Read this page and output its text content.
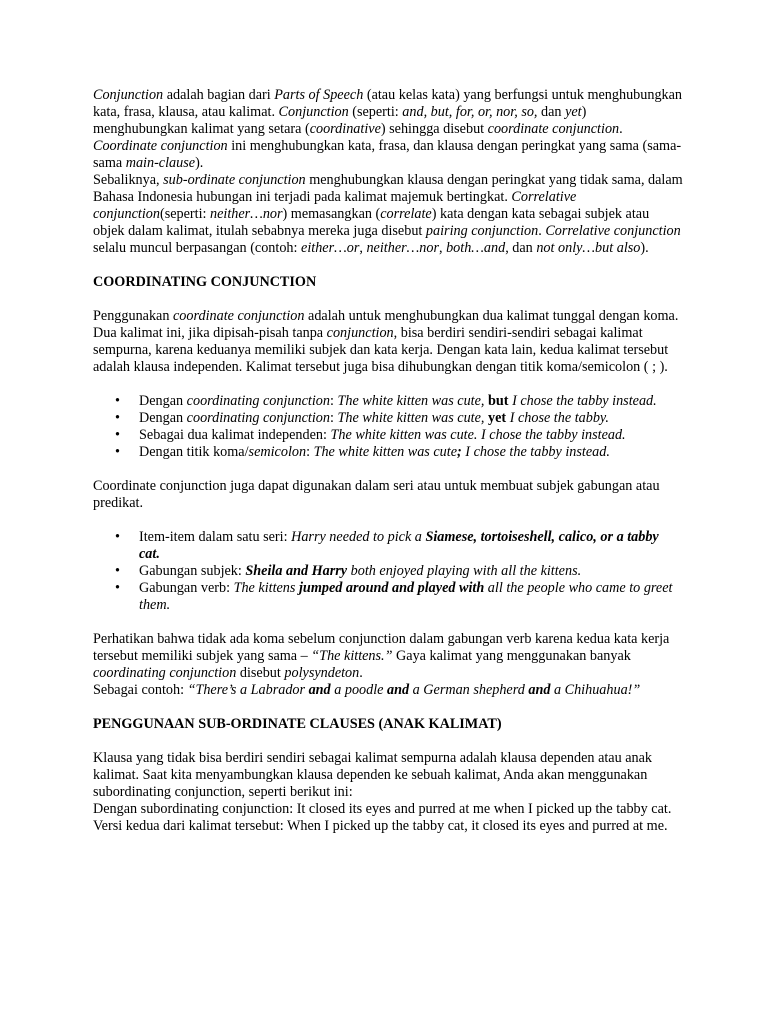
Conjunction adalah bagian dari Parts of Speech (atau kelas kata) yang berfungsi untuk menghubungkan kata, frasa, klausa, atau kalimat. Conjunction (seperti: and, but, for, or, nor, so, dan yet) menghubungkan kalimat yang setara (coordinative) sehingga disebut coordinate conjunction. Coordinate conjunction ini menghubungkan kata, frasa, dan klausa dengan peringkat yang sama (sama-sama main-clause).

Sebaliknya, sub-ordinate conjunction menghubungkan klausa dengan peringkat yang tidak sama, dalam Bahasa Indonesia hubungan ini terjadi pada kalimat majemuk bertingkat. Correlative conjunction(seperti: neither…nor) memasangkan (correlate) kata dengan kata sebagai subjek atau objek dalam kalimat, itulah sebabnya mereka juga disebut pairing conjunction. Correlative conjunction selalu muncul berpasangan (contoh: either…or, neither…nor, both…and, dan not only…but also).

COORDINATING CONJUNCTION

Penggunakan coordinate conjunction adalah untuk menghubungkan dua kalimat tunggal dengan koma. Dua kalimat ini, jika dipisah-pisah tanpa conjunction, bisa berdiri sendiri-sendiri sebagai kalimat sempurna, karena keduanya memiliki subjek dan kata kerja. Dengan kata lain, kedua kalimat tersebut adalah klausa independen. Kalimat tersebut juga bisa dihubungkan dengan titik koma/semicolon ( ; ).

• Dengan coordinating conjunction: The white kitten was cute, but I chose the tabby instead.
• Dengan coordinating conjunction: The white kitten was cute, yet I chose the tabby.
• Sebagai dua kalimat independen: The white kitten was cute. I chose the tabby instead.
• Dengan titik koma/semicolon: The white kitten was cute; I chose the tabby instead.

Coordinate conjunction juga dapat digunakan dalam seri atau untuk membuat subjek gabungan atau predikat.

• Item-item dalam satu seri: Harry needed to pick a Siamese, tortoiseshell, calico, or a tabby cat.
• Gabungan subjek: Sheila and Harry both enjoyed playing with all the kittens.
• Gabungan verb: The kittens jumped around and played with all the people who came to greet them.

Perhatikan bahwa tidak ada koma sebelum conjunction dalam gabungan verb karena kedua kata kerja tersebut memiliki subjek yang sama – “The kittens.” Gaya kalimat yang menggunakan banyak coordinating conjunction disebut polysyndeton.

Sebagai contoh: “There’s a Labrador and a poodle and a German shepherd and a Chihuahua!”

PENGGUNAAN SUB-ORDINATE CLAUSES (ANAK KALIMAT)

Klausa yang tidak bisa berdiri sendiri sebagai kalimat sempurna adalah klausa dependen atau anak kalimat. Saat kita menyambungkan klausa dependen ke sebuah kalimat, Anda akan menggunakan subordinating conjunction, seperti berikut ini:

Dengan subordinating conjunction: It closed its eyes and purred at me when I picked up the tabby cat.

Versi kedua dari kalimat tersebut: When I picked up the tabby cat, it closed its eyes and purred at me.
